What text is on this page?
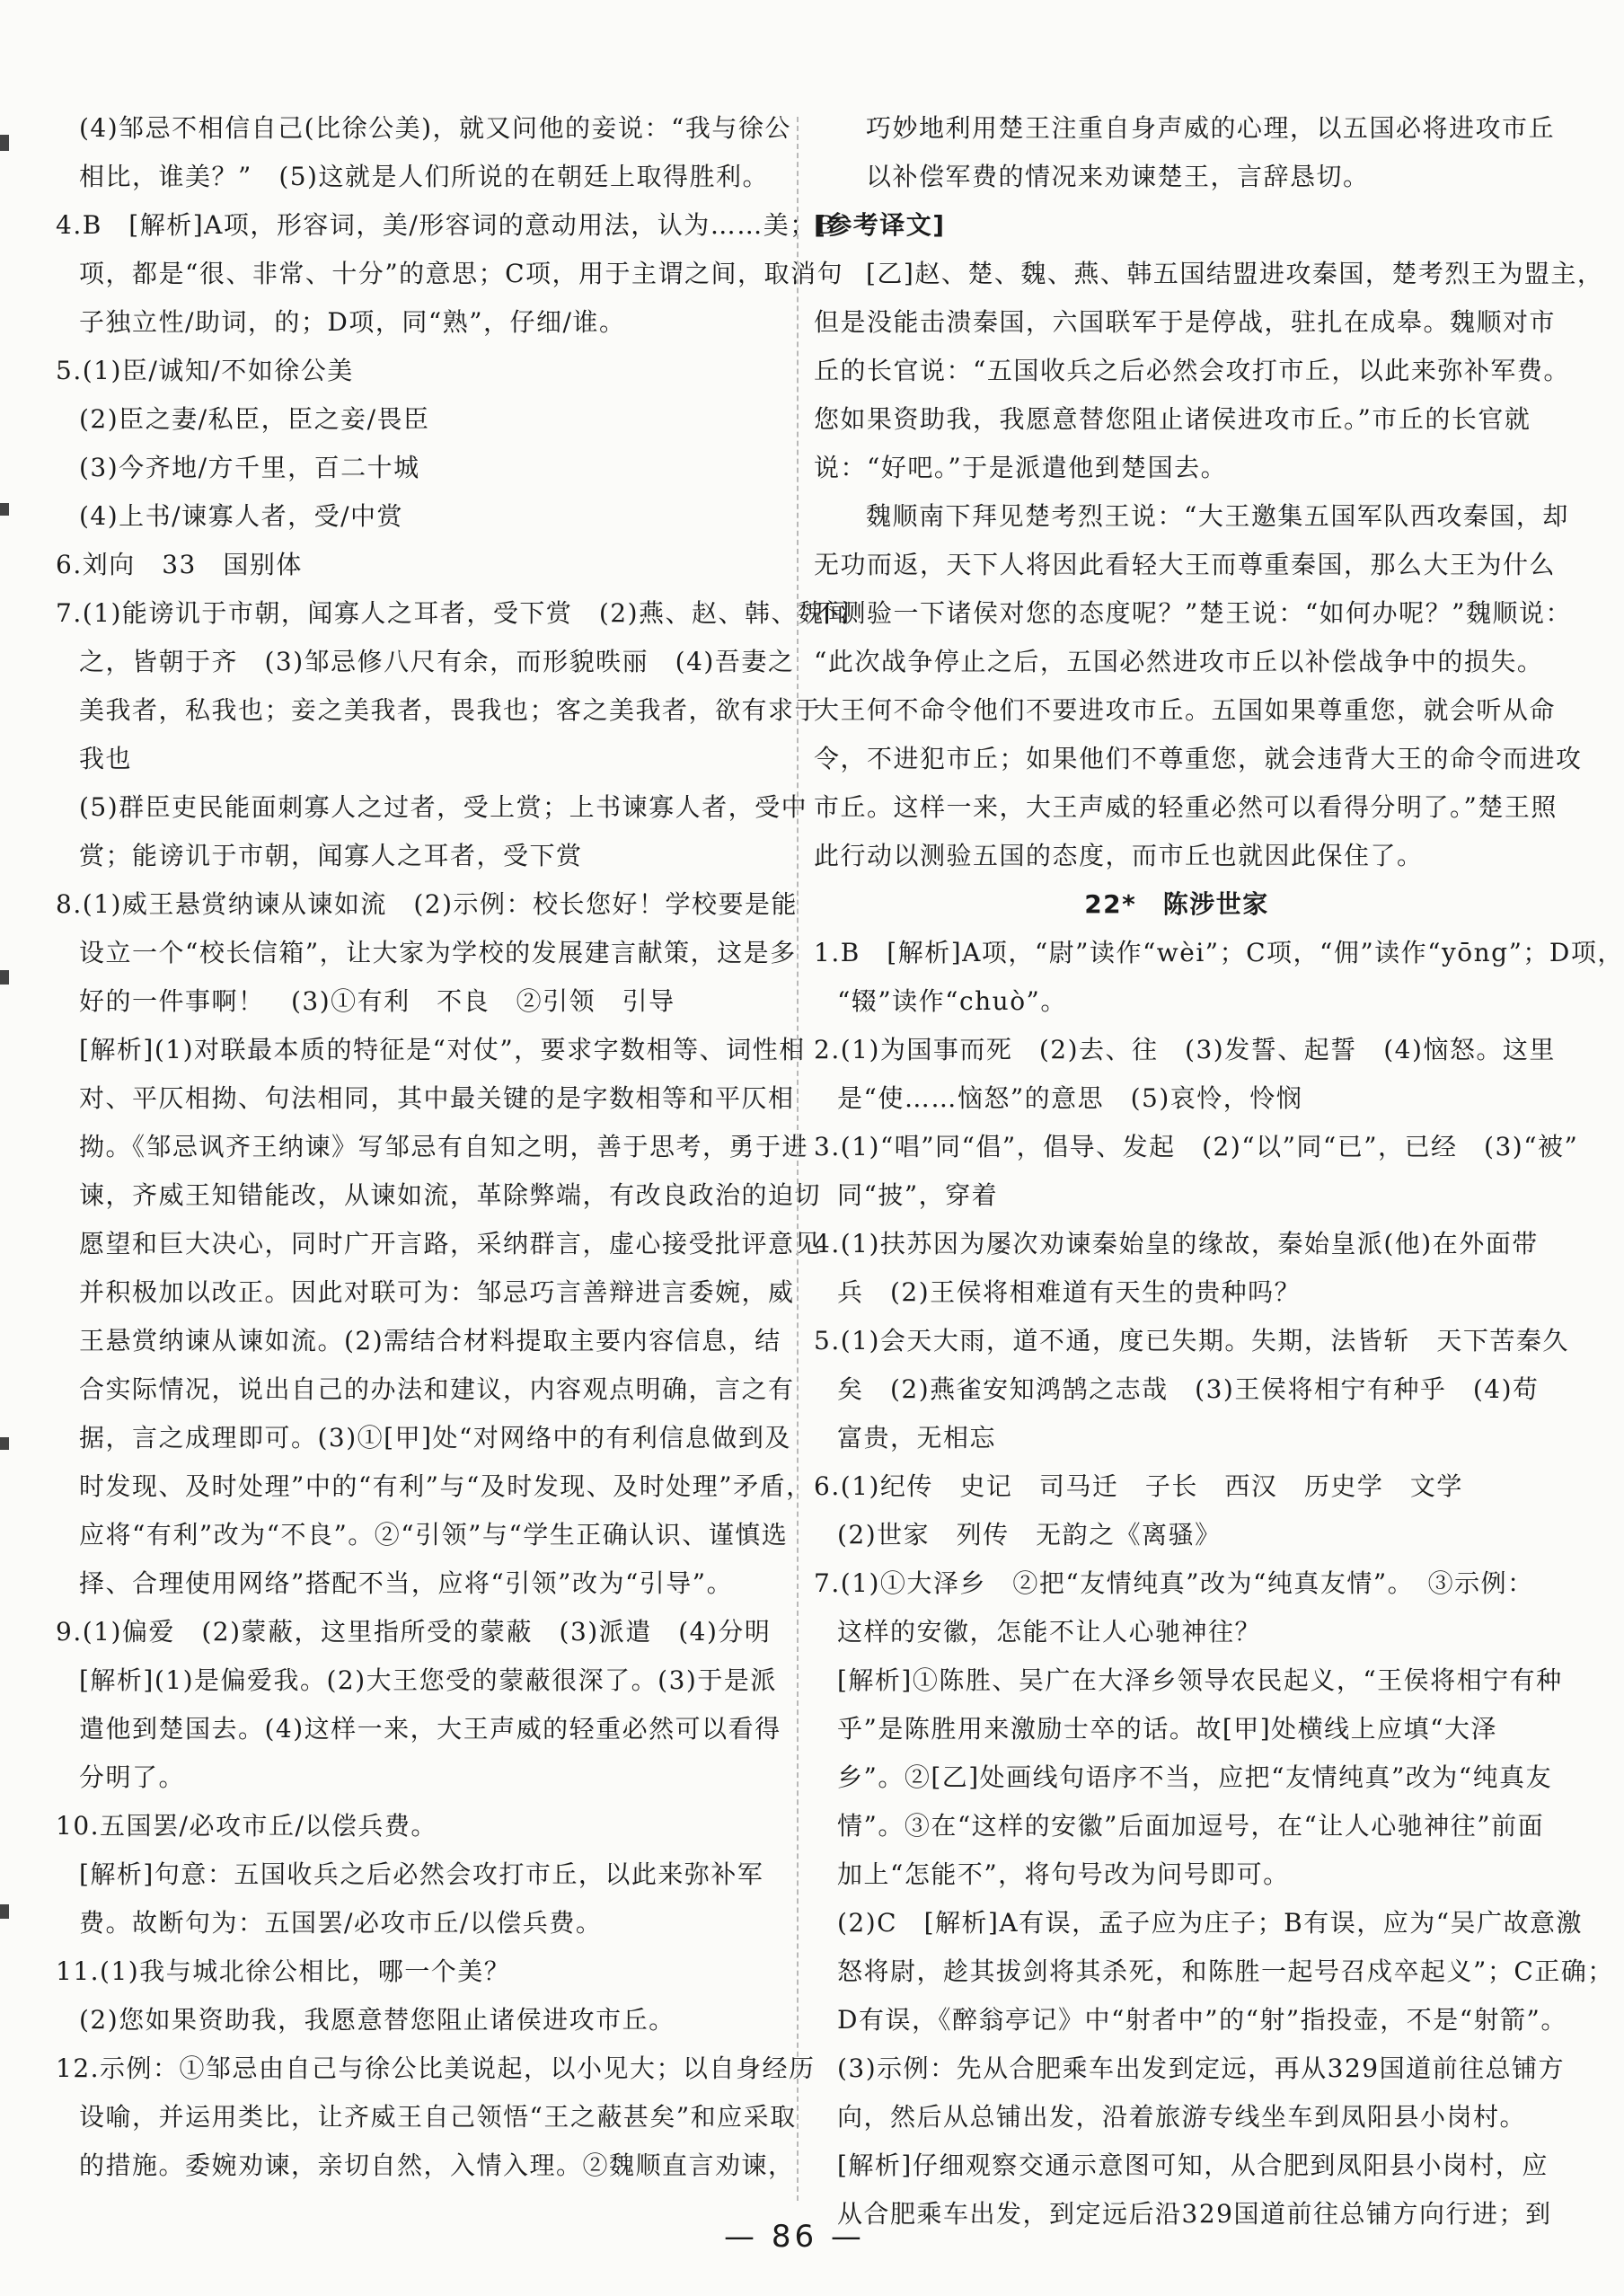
(4)邹忌不相信自己(比徐公美)，就又问他的妾说：“我与徐公
相比，谁美？”　(5)这就是人们所说的在朝廷上取得胜利。
4.B　[解析]A项，形容词，美/形容词的意动用法，认为……美；B
项，都是“很、非常、十分”的意思；C项，用于主谓之间，取消句
子独立性/助词，的；D项，同“熟”，仔细/谁。
5.(1)臣/诚知/不如徐公美
(2)臣之妻/私臣，臣之妾/畏臣
(3)今齐地/方千里，百二十城
(4)上书/谏寡人者，受/中赏
6.刘向　33　国别体
7.(1)能谤讥于市朝，闻寡人之耳者，受下赏　(2)燕、赵、韩、魏闻
之，皆朝于齐　(3)邹忌修八尺有余，而形貌昳丽　(4)吾妻之
美我者，私我也；妾之美我者，畏我也；客之美我者，欲有求于
我也
(5)群臣吏民能面刺寡人之过者，受上赏；上书谏寡人者，受中
赏；能谤讥于市朝，闻寡人之耳者，受下赏
8.(1)威王悬赏纳谏从谏如流　(2)示例：校长您好！学校要是能
设立一个“校长信箱”，让大家为学校的发展建言献策，这是多
好的一件事啊！　(3)①有利　不良　②引领　引导
[解析](1)对联最本质的特征是“对仗”，要求字数相等、词性相
对、平仄相拗、句法相同，其中最关键的是字数相等和平仄相
拗。《邹忌讽齐王纳谏》写邹忌有自知之明，善于思考，勇于进
谏，齐威王知错能改，从谏如流，革除弊端，有改良政治的迫切
愿望和巨大决心，同时广开言路，采纳群言，虚心接受批评意见
并积极加以改正。因此对联可为：邹忌巧言善辩进言委婉，威
王悬赏纳谏从谏如流。(2)需结合材料提取主要内容信息，结
合实际情况，说出自己的办法和建议，内容观点明确，言之有
据，言之成理即可。(3)①[甲]处“对网络中的有利信息做到及
时发现、及时处理”中的“有利”与“及时发现、及时处理”矛盾，
应将“有利”改为“不良”。②“引领”与“学生正确认识、谨慎选
择、合理使用网络”搭配不当，应将“引领”改为“引导”。
9.(1)偏爱　(2)蒙蔽，这里指所受的蒙蔽　(3)派遣　(4)分明
[解析](1)是偏爱我。(2)大王您受的蒙蔽很深了。(3)于是派
遣他到楚国去。(4)这样一来，大王声威的轻重必然可以看得
分明了。
10.五国罢/必攻市丘/以偿兵费。
[解析]句意：五国收兵之后必然会攻打市丘，以此来弥补军
费。故断句为：五国罢/必攻市丘/以偿兵费。
11.(1)我与城北徐公相比，哪一个美？
(2)您如果资助我，我愿意替您阻止诸侯进攻市丘。
12.示例：①邹忌由自己与徐公比美说起，以小见大；以自身经历
设喻，并运用类比，让齐威王自己领悟“王之蔽甚矣”和应采取
的措施。委婉劝谏，亲切自然，入情入理。②魏顺直言劝谏，
巧妙地利用楚王注重自身声威的心理，以五国必将进攻市丘
以补偿军费的情况来劝谏楚王，言辞恳切。
[参考译文]
[乙]赵、楚、魏、燕、韩五国结盟进攻秦国，楚考烈王为盟主，
但是没能击溃秦国，六国联军于是停战，驻扎在成皋。魏顺对市
丘的长官说：“五国收兵之后必然会攻打市丘，以此来弥补军费。
您如果资助我，我愿意替您阻止诸侯进攻市丘。”市丘的长官就
说：“好吧。”于是派遣他到楚国去。
魏顺南下拜见楚考烈王说：“大王邀集五国军队西攻秦国，却
无功而返，天下人将因此看轻大王而尊重秦国，那么大王为什么
不测验一下诸侯对您的态度呢？”楚王说：“如何办呢？”魏顺说：
“此次战争停止之后，五国必然进攻市丘以补偿战争中的损失。
大王何不命令他们不要进攻市丘。五国如果尊重您，就会听从命
令，不进犯市丘；如果他们不尊重您，就会违背大王的命令而进攻
市丘。这样一来，大王声威的轻重必然可以看得分明了。”楚王照
此行动以测验五国的态度，而市丘也就因此保住了。
22*　陈涉世家
1.B　[解析]A项，“尉”读作“wèi”；C项，“佣”读作“yōng”；D项，
“辍”读作“chuò”。
2.(1)为国事而死　(2)去、往　(3)发誓、起誓　(4)恼怒。这里
是“使……恼怒”的意思　(5)哀怜，怜悯
3.(1)“唱”同“倡”，倡导、发起　(2)“以”同“已”，已经　(3)“被”
同“披”，穿着
4.(1)扶苏因为屡次劝谏秦始皇的缘故，秦始皇派(他)在外面带
兵　(2)王侯将相难道有天生的贵种吗？
5.(1)会天大雨，道不通，度已失期。失期，法皆斩　天下苦秦久
矣　(2)燕雀安知鸿鹄之志哉　(3)王侯将相宁有种乎　(4)苟
富贵，无相忘
6.(1)纪传　史记　司马迁　子长　西汉　历史学　文学
(2)世家　列传　无韵之《离骚》
7.(1)①大泽乡　②把“友情纯真”改为“纯真友情”。　③示例：
这样的安徽，怎能不让人心驰神往？
[解析]①陈胜、吴广在大泽乡领导农民起义，“王侯将相宁有种
乎”是陈胜用来激励士卒的话。故[甲]处横线上应填“大泽
乡”。②[乙]处画线句语序不当，应把“友情纯真”改为“纯真友
情”。③在“这样的安徽”后面加逗号，在“让人心驰神往”前面
加上“怎能不”，将句号改为问号即可。
(2)C　[解析]A有误，孟子应为庄子；B有误，应为“吴广故意激
怒将尉，趁其拔剑将其杀死，和陈胜一起号召戍卒起义”；C正确；
D有误，《醉翁亭记》中“射者中”的“射”指投壶，不是“射箭”。
(3)示例：先从合肥乘车出发到定远，再从329国道前往总铺方
向，然后从总铺出发，沿着旅游专线坐车到凤阳县小岗村。
[解析]仔细观察交通示意图可知，从合肥到凤阳县小岗村，应
从合肥乘车出发，到定远后沿329国道前往总铺方向行进；到
— 86 —
